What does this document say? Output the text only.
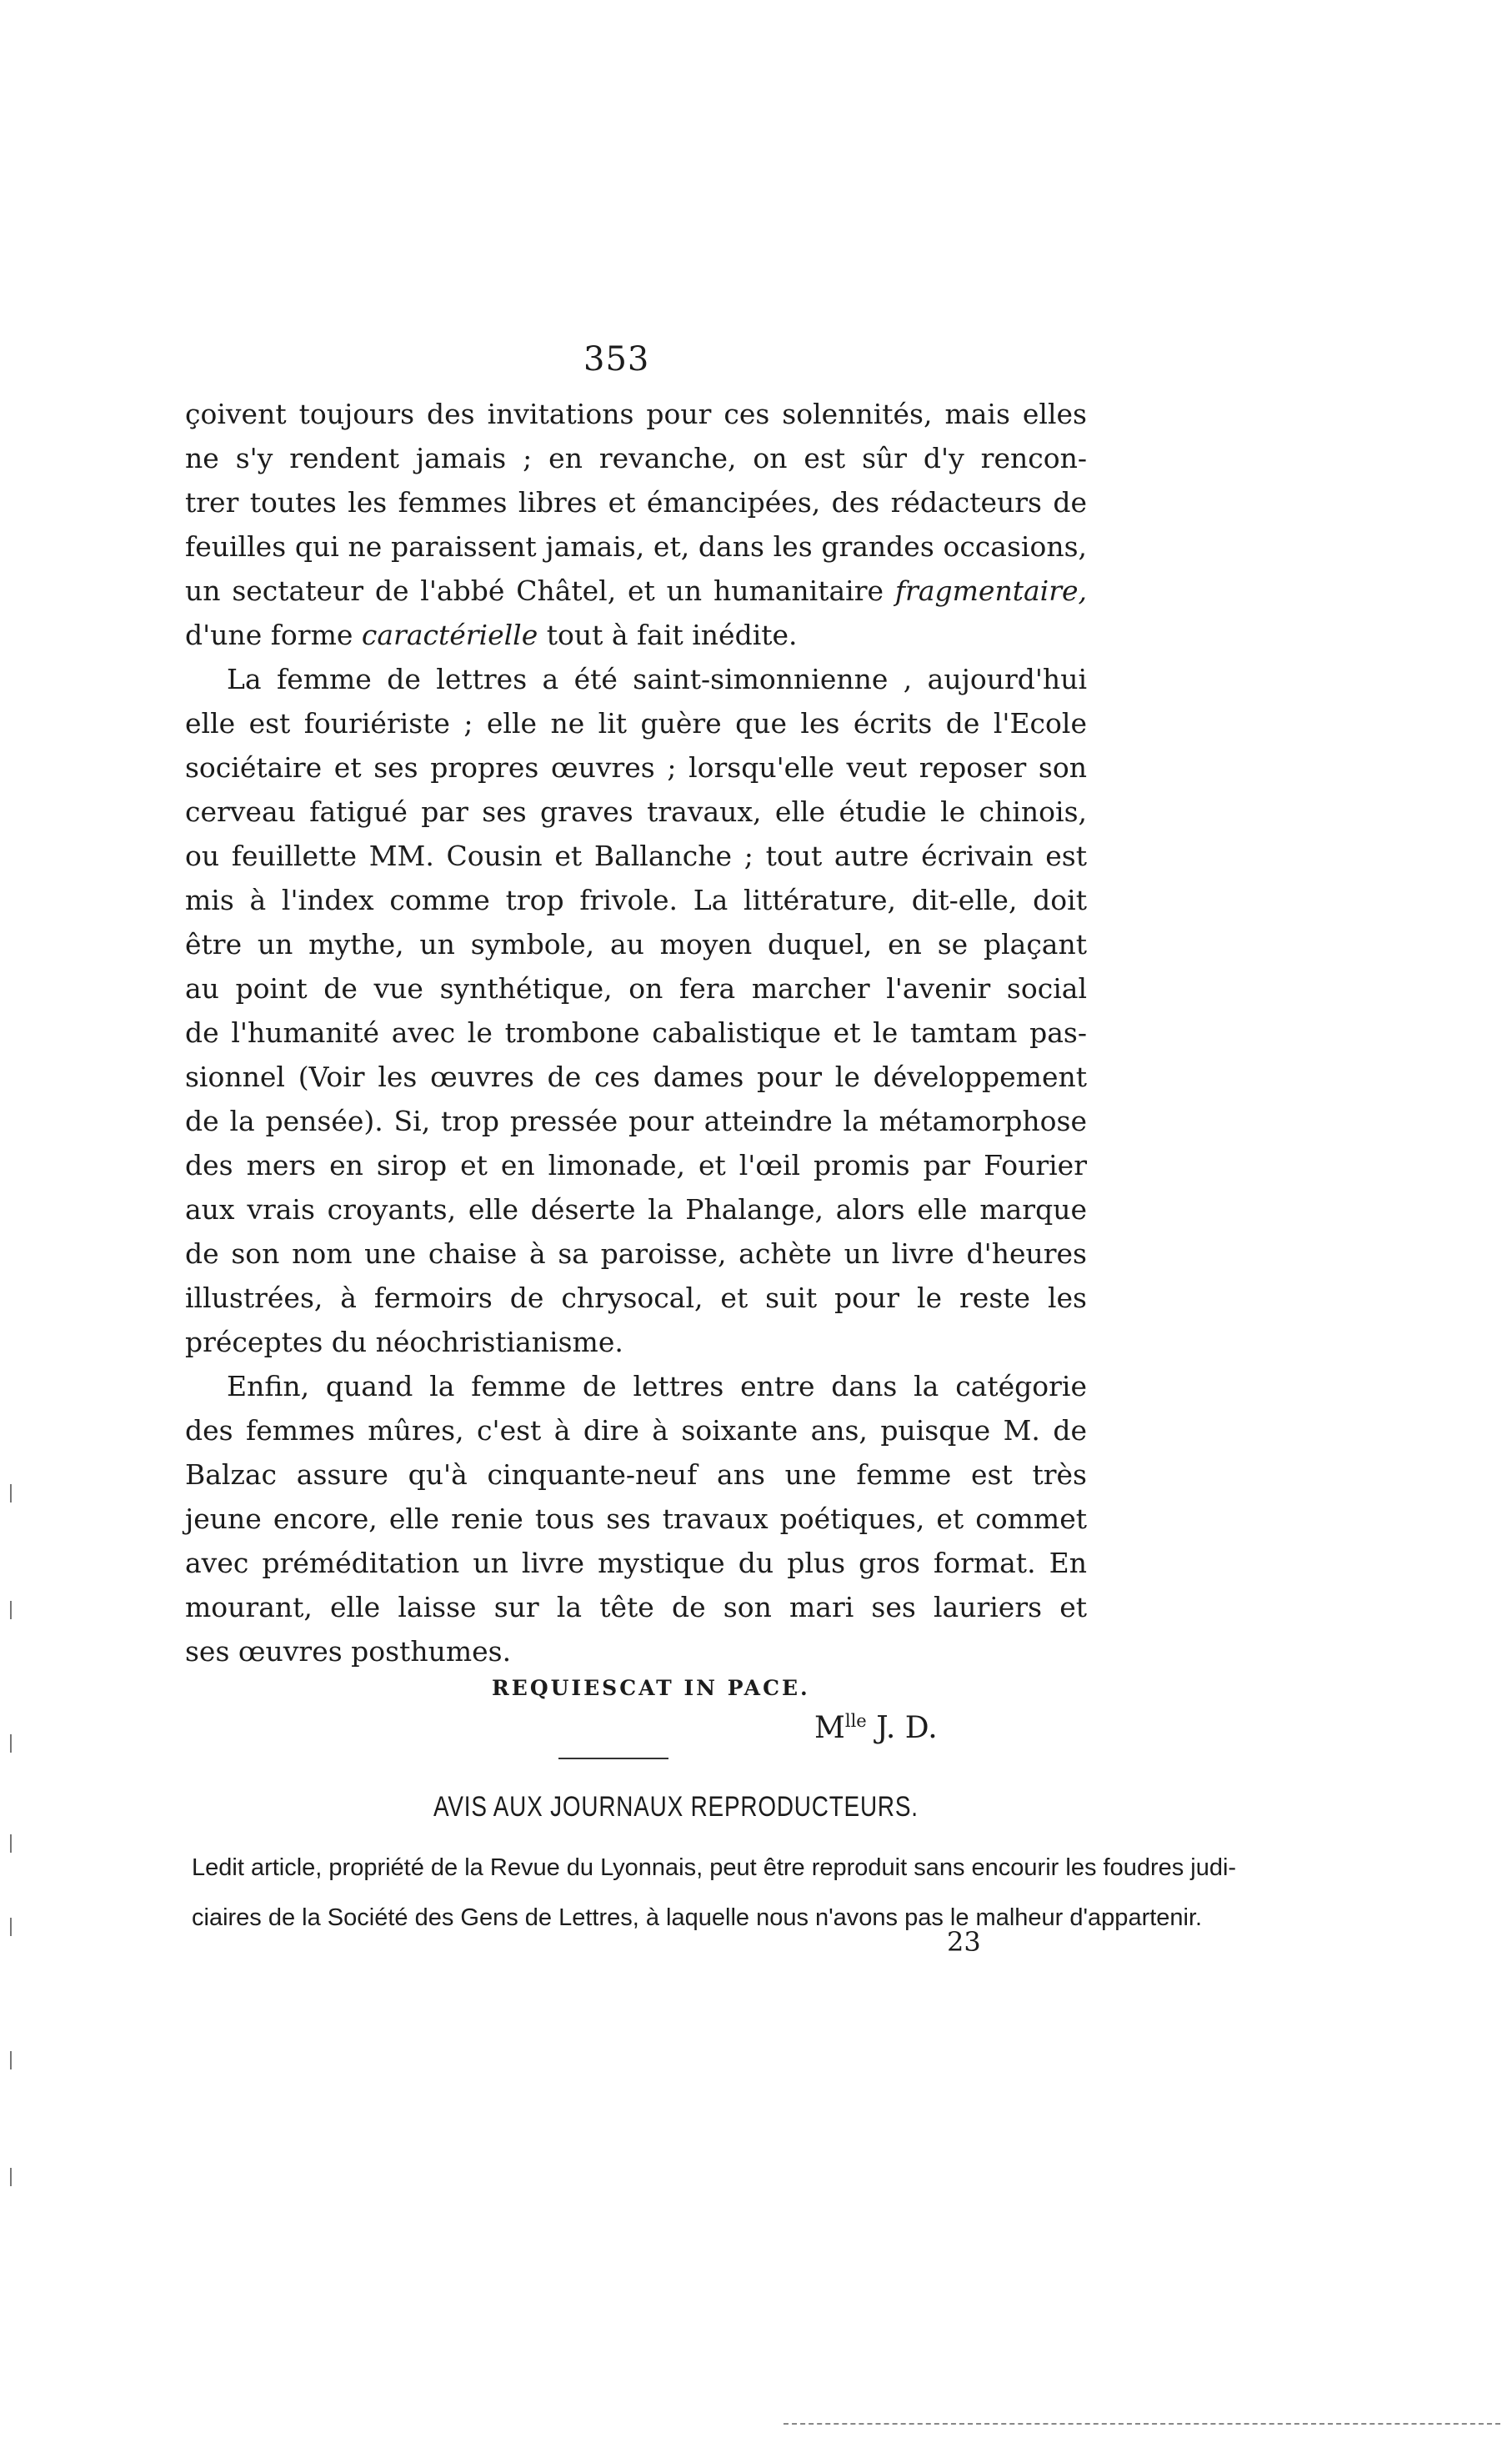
353
çoivent toujours des invitations pour ces solennités, mais elles
ne s'y rendent jamais ; en revanche, on est sûr d'y rencon-
trer toutes les femmes libres et émancipées, des rédacteurs de
feuilles qui ne paraissent jamais, et, dans les grandes occasions,
un sectateur de l'abbé Châtel, et un humanitaire fragmentaire,
d'une forme caractérielle tout à fait inédite.
La femme de lettres a été saint-simonnienne , aujourd'hui
elle est fouriériste ; elle ne lit guère que les écrits de l'Ecole
sociétaire et ses propres œuvres ; lorsqu'elle veut reposer son
cerveau fatigué par ses graves travaux, elle étudie le chinois,
ou feuillette MM. Cousin et Ballanche ; tout autre écrivain est
mis à l'index comme trop frivole. La littérature, dit-elle, doit
être un mythe, un symbole, au moyen duquel, en se plaçant
au point de vue synthétique, on fera marcher l'avenir social
de l'humanité avec le trombone cabalistique et le tamtam pas-
sionnel (Voir les œuvres de ces dames pour le développement
de la pensée). Si, trop pressée pour atteindre la métamorphose
des mers en sirop et en limonade, et l'œil promis par Fourier
aux vrais croyants, elle déserte la Phalange, alors elle marque
de son nom une chaise à sa paroisse, achète un livre d'heures
illustrées, à fermoirs de chrysocal, et suit pour le reste les
préceptes du néochristianisme.
Enfin, quand la femme de lettres entre dans la catégorie
des femmes mûres, c'est à dire à soixante ans, puisque M. de
Balzac assure qu'à cinquante-neuf ans une femme est très
jeune encore, elle renie tous ses travaux poétiques, et commet
avec préméditation un livre mystique du plus gros format. En
mourant, elle laisse sur la tête de son mari ses lauriers et
ses œuvres posthumes.
REQUIESCAT IN PACE.
$M^{lle}$ J. D.
AVIS AUX JOURNAUX REPRODUCTEURS.
Ledit article, propriété de la Revue du Lyonnais, peut être reproduit sans encourir les foudres judi-
ciaires de la Société des Gens de Lettres, à laquelle nous n'avons pas le malheur d'appartenir.
23
